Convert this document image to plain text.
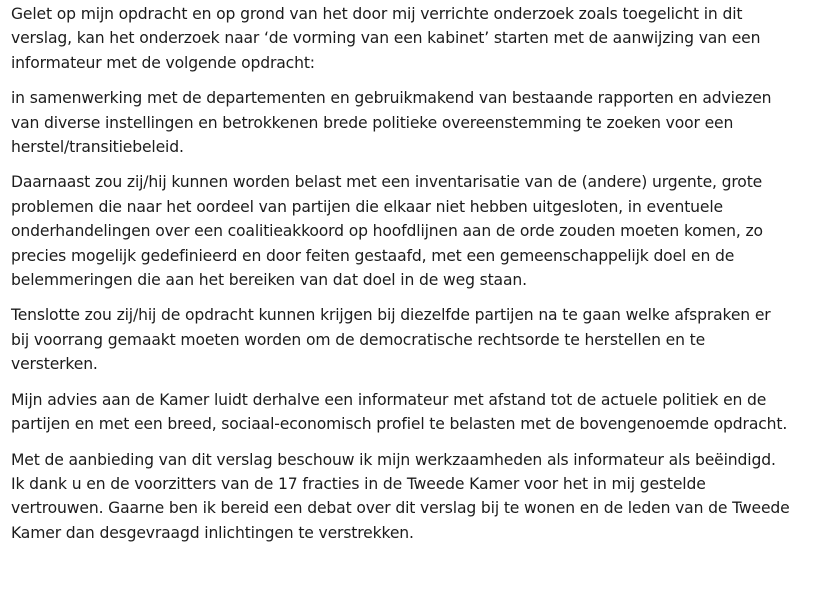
Gelet op mijn opdracht en op grond van het door mij verrichte onderzoek zoals toegelicht in dit
verslag, kan het onderzoek naar ‘de vorming van een kabinet’ starten met de aanwijzing van een
informateur met de volgende opdracht:

in samenwerking met de departementen en gebruikmakend van bestaande rapporten en adviezen
van diverse instellingen en betrokkenen brede politieke overeenstemming te zoeken voor een
herstel/transitiebeleid.

Daarnaast zou zij/hij kunnen worden belast met een inventarisatie van de (andere) urgente, grote
problemen die naar het oordeel van partijen die elkaar niet hebben uitgesloten, in eventuele
onderhandelingen over een coalitieakkoord op hoofdlijnen aan de orde zouden moeten komen, zo
precies mogelijk gedefinieerd en door feiten gestaafd, met een gemeenschappelijk doel en de
belemmeringen die aan het bereiken van dat doel in de weg staan.

Tenslotte zou zij/hij de opdracht kunnen krijgen bij diezelfde partijen na te gaan welke afspraken er
bij voorrang gemaakt moeten worden om de democratische rechtsorde te herstellen en te
versterken.

Mijn advies aan de Kamer luidt derhalve een informateur met afstand tot de actuele politiek en de
partijen en met een breed, sociaal-economisch profiel te belasten met de bovengenoemde opdracht.

Met de aanbieding van dit verslag beschouw ik mijn werkzaamheden als informateur als beëindigd.
Ik dank u en de voorzitters van de 17 fracties in de Tweede Kamer voor het in mij gestelde
vertrouwen. Gaarne ben ik bereid een debat over dit verslag bij te wonen en de leden van de Tweede
Kamer dan desgevraagd inlichtingen te verstrekken.
